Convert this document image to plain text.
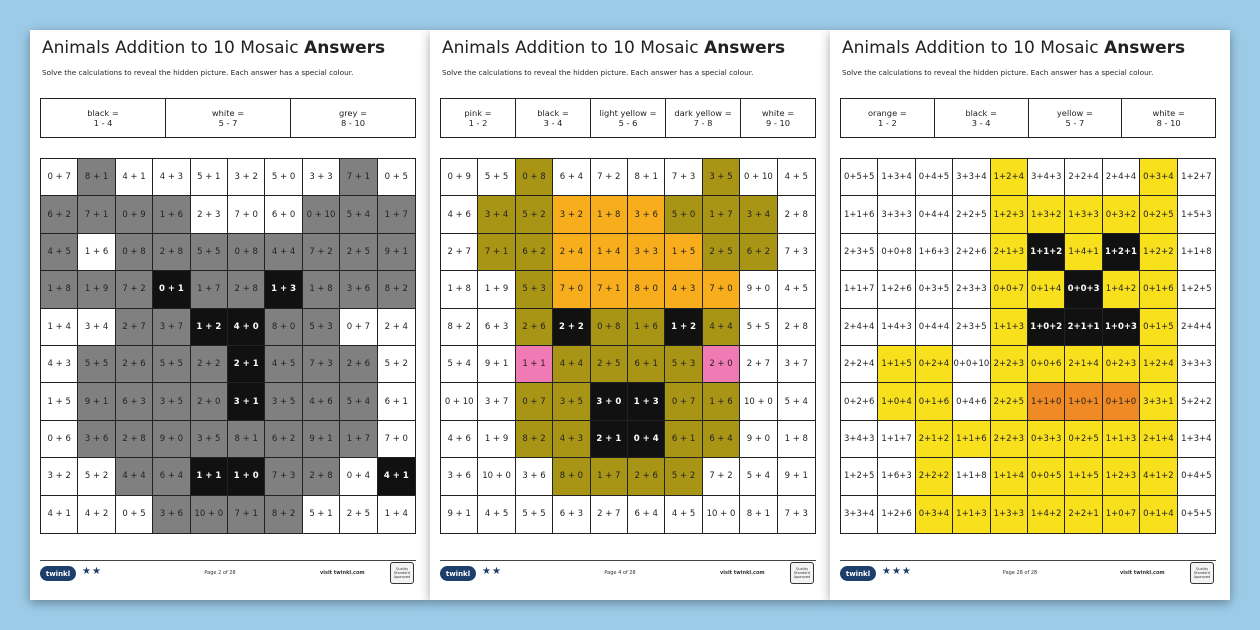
Animals Addition to 10 Mosaic Answers
Solve the calculations to reveal the hidden picture. Each answer has a special colour.
black =
1 - 4
white =
5 - 7
grey =
8 - 10
0 + 7	8 + 1	4 + 1	4 + 3	5 + 1	3 + 2	5 + 0	3 + 3	7 + 1	0 + 5
6 + 2	7 + 1	0 + 9	1 + 6	2 + 3	7 + 0	6 + 0	0 + 10	5 + 4	1 + 7
4 + 5	1 + 6	0 + 8	2 + 8	5 + 5	0 + 8	4 + 4	7 + 2	2 + 5	9 + 1
1 + 8	1 + 9	7 + 2	0 + 1	1 + 7	2 + 8	1 + 3	1 + 8	3 + 6	8 + 2
1 + 4	3 + 4	2 + 7	3 + 7	1 + 2	4 + 0	8 + 0	5 + 3	0 + 7	2 + 4
4 + 3	5 + 5	2 + 6	5 + 5	2 + 2	2 + 1	4 + 5	7 + 3	2 + 6	5 + 2
1 + 5	9 + 1	6 + 3	3 + 5	2 + 0	3 + 1	3 + 5	4 + 6	5 + 4	6 + 1
0 + 6	3 + 6	2 + 8	9 + 0	3 + 5	8 + 1	6 + 2	9 + 1	1 + 7	7 + 0
3 + 2	5 + 2	4 + 4	6 + 4	1 + 1	1 + 0	7 + 3	2 + 8	0 + 4	4 + 1
4 + 1	4 + 2	0 + 5	3 + 6	10 + 0	7 + 1	8 + 2	5 + 1	2 + 5	1 + 4
twinkl	★★	Page 2 of 28	visit twinkl.com
Quality Standard Approved
Animals Addition to 10 Mosaic Answers
Solve the calculations to reveal the hidden picture. Each answer has a special colour.
pink =
1 - 2
black =
3 - 4
light yellow =
5 - 6
dark yellow =
7 - 8
white =
9 - 10
0 + 9	5 + 5	0 + 8	6 + 4	7 + 2	8 + 1	7 + 3	3 + 5	0 + 10	4 + 5
4 + 6	3 + 4	5 + 2	3 + 2	1 + 8	3 + 6	5 + 0	1 + 7	3 + 4	2 + 8
2 + 7	7 + 1	6 + 2	2 + 4	1 + 4	3 + 3	1 + 5	2 + 5	6 + 2	7 + 3
1 + 8	1 + 9	5 + 3	7 + 0	7 + 1	8 + 0	4 + 3	7 + 0	9 + 0	4 + 5
8 + 2	6 + 3	2 + 6	2 + 2	0 + 8	1 + 6	1 + 2	4 + 4	5 + 5	2 + 8
5 + 4	9 + 1	1 + 1	4 + 4	2 + 5	6 + 1	5 + 3	2 + 0	2 + 7	3 + 7
0 + 10	3 + 7	0 + 7	3 + 5	3 + 0	1 + 3	0 + 7	1 + 6	10 + 0	5 + 4
4 + 6	1 + 9	8 + 2	4 + 3	2 + 1	0 + 4	6 + 1	6 + 4	9 + 0	1 + 8
3 + 6	10 + 0	3 + 6	8 + 0	1 + 7	2 + 6	5 + 2	7 + 2	5 + 4	9 + 1
9 + 1	4 + 5	5 + 5	6 + 3	2 + 7	6 + 4	4 + 5	10 + 0	8 + 1	7 + 3
twinkl	★★	Page 4 of 28	visit twinkl.com
Quality Standard Approved
Animals Addition to 10 Mosaic Answers
Solve the calculations to reveal the hidden picture. Each answer has a special colour.
orange =
1 - 2
black =
3 - 4
yellow =
5 - 7
white =
8 - 10
0+5+5 1+3+4 0+4+5 3+3+4 1+2+4 3+4+3 2+2+4 2+4+4 0+3+4 1+2+7
1+1+6 3+3+3 0+4+4 2+2+5 1+2+3 1+3+2 1+3+3 0+3+2 0+2+5 1+5+3
2+3+5 0+0+8 1+6+3 2+2+6 2+1+3 1+1+2 1+4+1 1+2+1 1+2+2 1+1+8
1+1+7 1+2+6 0+3+5 2+3+3 0+0+7 0+1+4 0+0+3 1+4+2 0+1+6 1+2+5
2+4+4 1+4+3 0+4+4 2+3+5 1+1+3 1+0+2 2+1+1 1+0+3 0+1+5 2+4+4
2+2+4 1+1+5 0+2+4 0+0+10 2+2+3 0+0+6 2+1+4 0+2+3 1+2+4 3+3+3
0+2+6 1+0+4 0+1+6 0+4+6 2+2+5 1+1+0 1+0+1 0+1+0 3+3+1 5+2+2
3+4+3 1+1+7 2+1+2 1+1+6 2+2+3 0+3+3 0+2+5 1+1+3 2+1+4 1+3+4
1+2+5 1+6+3 2+2+2 1+1+8 1+1+4 0+0+5 1+1+5 1+2+3 4+1+2 0+4+5
3+3+4 1+2+6 0+3+4 1+1+3 1+3+3 1+4+2 2+2+1 1+0+7 0+1+4 0+5+5
twinkl	★★★	Page 28 of 28	visit twinkl.com
Quality Standard Approved
